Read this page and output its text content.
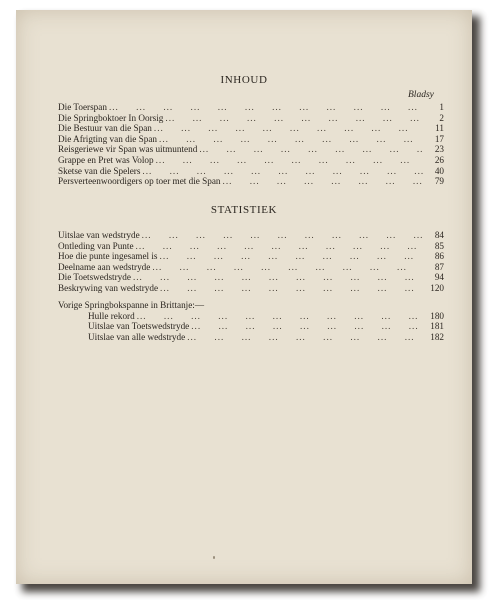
INHOUD
Bladsy
Die Toerspan ... .	1
Die Springboktoer In Oorsig ... .	2
Die Bestuur van die Span ... .	11
Die Afrigting van die Span ... .	17
Reisgeriewe vir Span was uitmuntend ... .	23
Grappe en Pret was Volop ... .	26
Sketse van die Spelers ... .	40
Persverteenwoordigers op toer met die Span ... .	79
STATISTIEK
Uitslae van wedstryde ... .	84
Ontleding van Punte ... .	85
Hoe die punte ingesamel is ... .	86
Deelname aan wedstryde ... .	87
Die Toetswedstryde ... .	94
Beskrywing van wedstryde ... .	120
Vorige Springbokspanne in Brittanje:—
Hulle rekord ... .	180
Uitslae van Toetswedstryde ... .	181
Uitslae van alle wedstryde ... .	182
